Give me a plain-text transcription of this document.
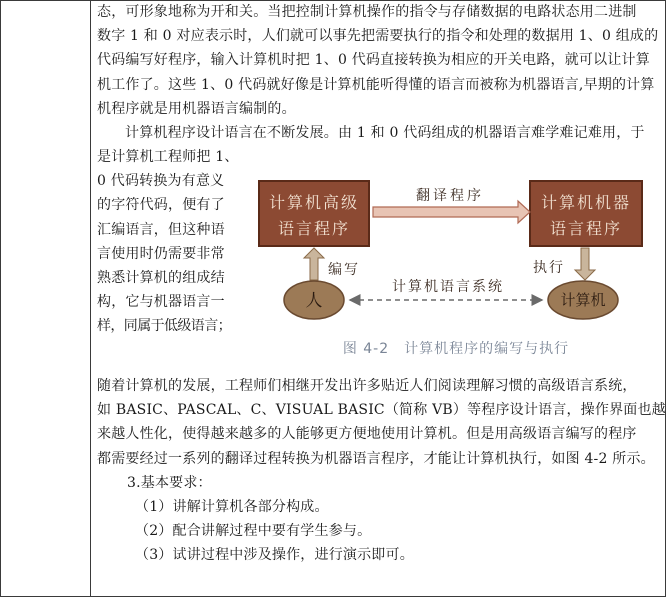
态，可形象地称为开和关。当把控制计算机操作的指令与存储数据的电路状态用二进制
数字 1 和 0 对应表示时，人们就可以事先把需要执行的指令和处理的数据用 1、0 组成的
代码编写好程序，输入计算机时把 1、0 代码直接转换为相应的开关电路，就可以让计算
机工作了。这些 1、0 代码就好像是计算机能听得懂的语言而被称为机器语言,早期的计算
机程序就是用机器语言编制的。
计算机程序设计语言在不断发展。由 1 和 0 代码组成的机器语言难学难记难用，于
是计算机工程师把 1、
0 代码转换为有意义
的字符代码，便有了
汇编语言，但这种语
言使用时仍需要非常
熟悉计算机的组成结
构，它与机器语言一
样，同属于低级语言；
计算机高级
语言程序
计算机机器
语言程序
翻译程序
编写	执行
人	计算机
计算机语言系统
图 4-2　计算机程序的编写与执行
随着计算机的发展，工程师们相继开发出许多贴近人们阅读理解习惯的高级语言系统，
如 BASIC、PASCAL、C、VISUAL BASIC（简称 VB）等程序设计语言，操作界面也越
来越人性化，使得越来越多的人能够更方便地使用计算机。但是用高级语言编写的程序
都需要经过一系列的翻译过程转换为机器语言程序，才能让计算机执行，如图 4-2 所示。
3.基本要求：
（1）讲解计算机各部分构成。
（2）配合讲解过程中要有学生参与。
（3）试讲过程中涉及操作，进行演示即可。
